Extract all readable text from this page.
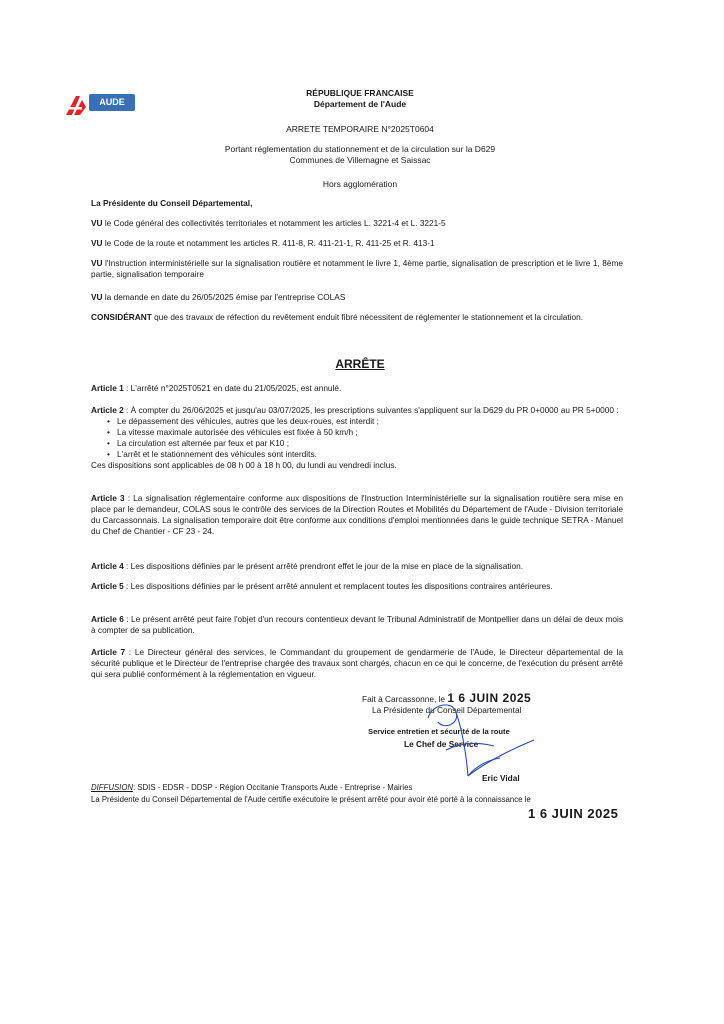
AUDE
RÉPUBLIQUE FRANCAISE
Département de l'Aude
ARRETE TEMPORAIRE N°2025T0604
Portant réglementation du stationnement et de la circulation sur la D629
Communes de Villemagne et Saissac
Hors agglomération
La Présidente du Conseil Départemental,
VU le Code général des collectivités territoriales et notamment les articles L. 3221-4 et L. 3221-5
VU le Code de la route et notamment les articles R. 411-8, R. 411-21-1, R. 411-25 et R. 413-1
VU l'Instruction interministérielle sur la signalisation routière et notamment le livre 1, 4ème partie, signalisation de prescription et le livre 1, 8ème partie, signalisation temporaire
VU la demande en date du 26/05/2025 émise par l'entreprise COLAS
CONSIDÉRANT que des travaux de réfection du revêtement enduit fibré nécessitent de réglementer le stationnement et la circulation.
ARRÊTE
Article 1 : L'arrêté n°2025T0521 en date du 21/05/2025, est annulé.
Article 2 : À compter du 26/06/2025 et jusqu'au 03/07/2025, les prescriptions suivantes s'appliquent sur la D629 du PR 0+0000 au PR 5+0000 :
• Le dépassement des véhicules, autres que les deux-roues, est interdit ;
• La vitesse maximale autorisée des véhicules est fixée à 50 km/h ;
• La circulation est alternée par feux et par K10 ;
• L'arrêt et le stationnement des véhicules sont interdits.
Ces dispositions sont applicables de 08 h 00 à 18 h 00, du lundi au vendredi inclus.
Article 3 : La signalisation réglementaire conforme aux dispositions de l'Instruction Interministérielle sur la signalisation routière sera mise en place par le demandeur, COLAS sous le contrôle des services de la Direction Routes et Mobilités du Département de l'Aude - Division territoriale du Carcassonnais. La signalisation temporaire doit être conforme aux conditions d'emploi mentionnées dans le guide technique SETRA - Manuel du Chef de Chantier - CF 23 - 24.
Article 4 : Les dispositions définies par le présent arrêté prendront effet le jour de la mise en place de la signalisation.
Article 5 : Les dispositions définies par le présent arrêté annulent et remplacent toutes les dispositions contraires antérieures.
Article 6 : Le présent arrêté peut faire l'objet d'un recours contentieux devant le Tribunal Administratif de Montpellier dans un délai de deux mois à compter de sa publication.
Article 7 : Le Directeur général des services, le Commandant du groupement de gendarmerie de l'Aude, le Directeur départemental de la sécurité publique et le Directeur de l'entreprise chargée des travaux sont chargés, chacun en ce qui le concerne, de l'exécution du présent arrêté qui sera publié conformément à la réglementation en vigueur.
Fait à Carcassonne, le 1 6 JUIN 2025
La Présidente du Conseil Départemental
Service entretien et sécurité de la route
Le Chef de Service
Eric Vidal
DIFFUSION: SDIS - EDSR - DDSP - Région Occitanie Transports Aude - Entreprise - Mairies
La Présidente du Conseil Départemental de l'Aude certifie exécutoire le présent arrêté pour avoir été porté à la connaissance le
1 6 JUIN 2025
